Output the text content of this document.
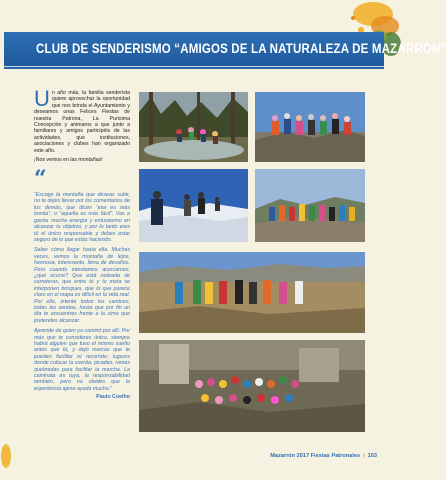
CLUB DE SENDERISMO “AMIGOS DE LA NATURALEZA DE MAZARRÓN”
Un año más, la familia senderista quiere aprovechar la oportunidad que nos brinda el Ayuntamiento y deseamos unas Felices Fiestas de nuestra Patrona, La Purísima Concepción y animaros a que junto a familiares y amigos participéis de las actividades, que instituciones, asociaciones y clubes han organizado este año.
¡Nos vemos en las montañas!
“
“Escoge la montaña que deseas subir, no te dejes llevar por los comentarios de los demás, que dicen “esa es más bonita”, o “aquella es más fácil”. Vas a gastar mucha energía y entusiasmo en alcanzar tu objetivo, y por lo tanto eres tú el único responsable y debes estar seguro de lo que estás haciendo.
Saber cómo llegar hasta ella. Muchas veces, vemos la montaña de lejos, hermosa, interesante, llena de desafíos. Pero cuando intentamos acercarnos, ¿qué ocurre? Que está rodeada de carreteras, que entre tú y tu meta se interponen bosques, que lo que parece claro en el mapa es difícil en la vida real. Por ello, intenta todos los caminos, todas las sendas, hasta que por fin un día te encuentres frente a la cima que pretendes alcanzar.
Aprende de quien ya caminó por allí. Por más que te consideres único, siempre habrá alguien que tuvo el mismo sueño antes que tú, y dejó marcas que te pueden facilitar el recorrido; lugares donde colocar la cuerda, picadas, ramas quebradas para facilitar la marcha. La caminata es tuya, la responsabilidad también, pero no olvides que la experiencia ajena ayuda mucho.”
Paulo Coelho
Mazarrón 2017 Fiestas Patronales | 103
